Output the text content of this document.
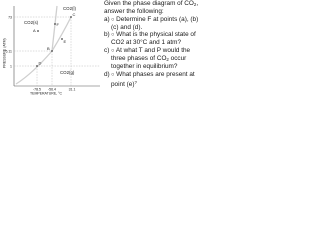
A
B
C
D
E
F
CO2(s)
CO2(l)
CO2(g)
73
5.11
1
PRESSURE (ATM)
-78.5 -56.4	31.1
TEMPERATURE, °C

Given the phase diagram of CO2, answer the following:

a) ○ Determine F at points (a), (b) (c) and (d).
b) ○ What is the physical state of CO2 at 30°C and 1 atm?
c) ○ At what T and P would the three phases of CO2 occur together in equilibrium?
d) ○ What phases are present at point (e)?
